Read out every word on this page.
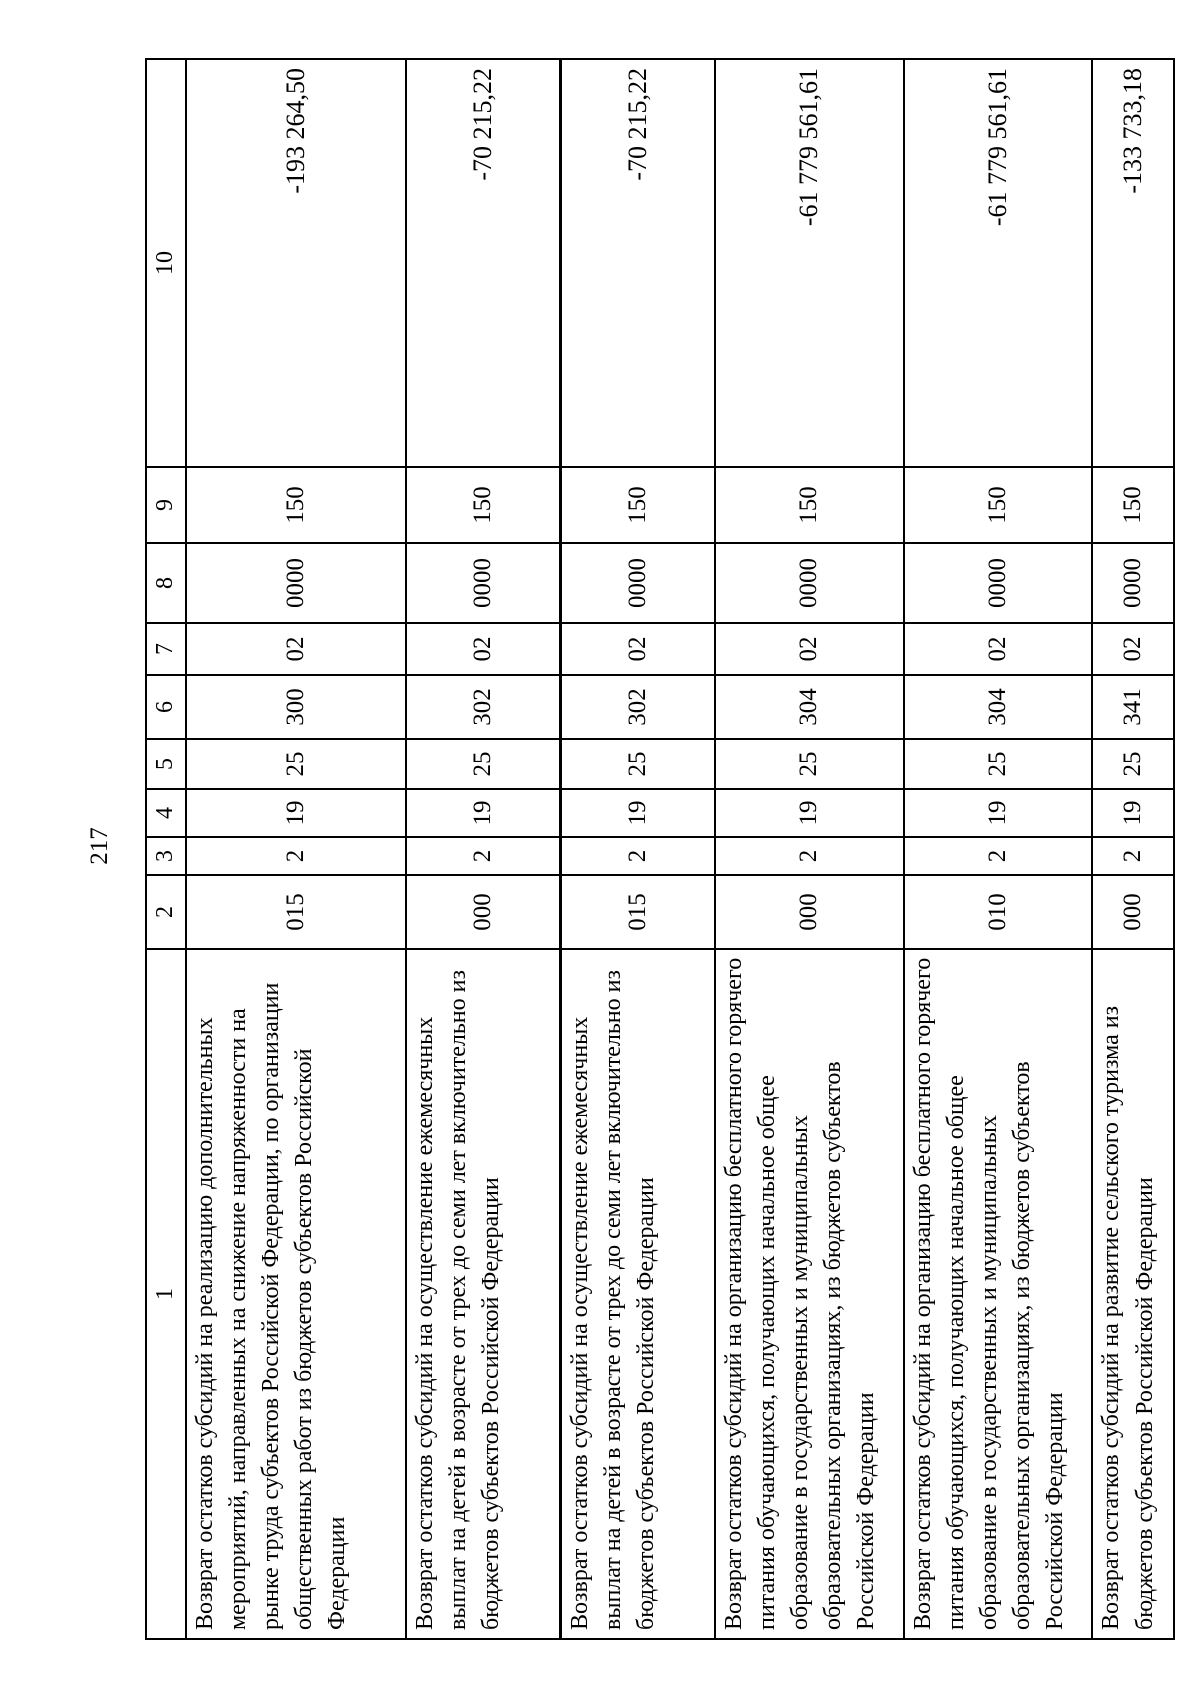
217
1	2	3	4	5	6	7	8	9	10
Возврат остатков субсидий на реализацию дополнительных мероприятий, направленных на снижение напряженности на рынке труда субъектов Российской Федерации, по организации общественных работ из бюджетов субъектов Российской Федерации	015	2	19	25	300	02	0000	150	-193 264,50
Возврат остатков субсидий на осуществление ежемесячных выплат на детей в возрасте от трех до семи лет включительно из бюджетов субъектов Российской Федерации	000	2	19	25	302	02	0000	150	-70 215,22
Возврат остатков субсидий на осуществление ежемесячных выплат на детей в возрасте от трех до семи лет включительно из бюджетов субъектов Российской Федерации	015	2	19	25	302	02	0000	150	-70 215,22
Возврат остатков субсидий на организацию бесплатного горячего питания обучающихся, получающих начальное общее образование в государственных и муниципальных образовательных организациях, из бюджетов субъектов Российской Федерации	000	2	19	25	304	02	0000	150	-61 779 561,61
Возврат остатков субсидий на организацию бесплатного горячего питания обучающихся, получающих начальное общее образование в государственных и муниципальных образовательных организациях, из бюджетов субъектов Российской Федерации	010	2	19	25	304	02	0000	150	-61 779 561,61
Возврат остатков субсидий на развитие сельского туризма из бюджетов субъектов Российской Федерации	000	2	19	25	341	02	0000	150	-133 733,18
